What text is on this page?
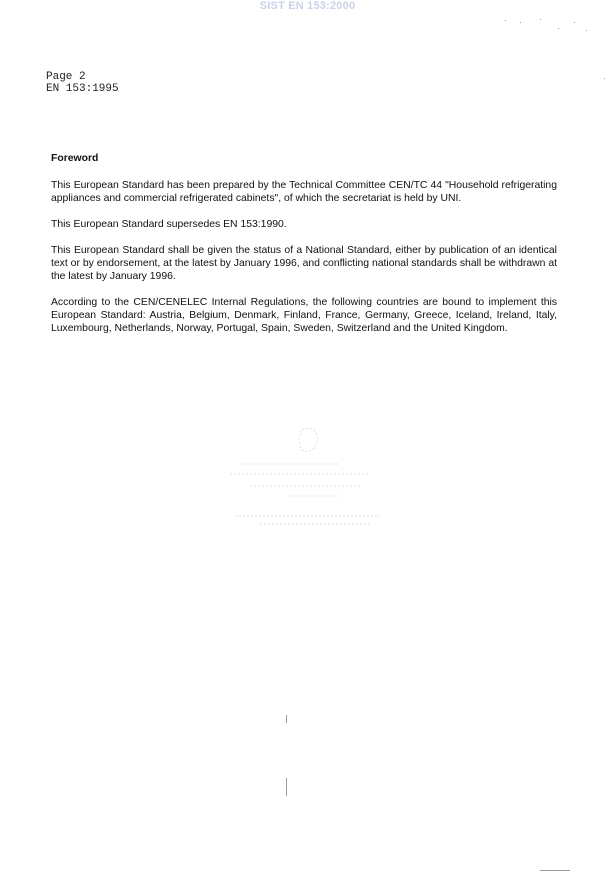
SIST EN 153:2000
Page 2
EN 153:1995
Foreword

This European Standard has been prepared by the Technical Committee CEN/TC 44 "Household refrigerating appliances and commercial refrigerated cabinets", of which the secretariat is held by UNI.

This European Standard supersedes EN 153:1990.

This European Standard shall be given the status of a National Standard, either by publication of an identical text or by endorsement, at the latest by January 1996, and conflicting national standards shall be withdrawn at the latest by January 1996.

According to the CEN/CENELEC Internal Regulations, the following countries are bound to implement this European Standard: Austria, Belgium, Denmark, Finland, France, Germany, Greece, Iceland, Ireland, Italy, Luxembourg, Netherlands, Norway, Portugal, Spain, Sweden, Switzerland and the United Kingdom.
